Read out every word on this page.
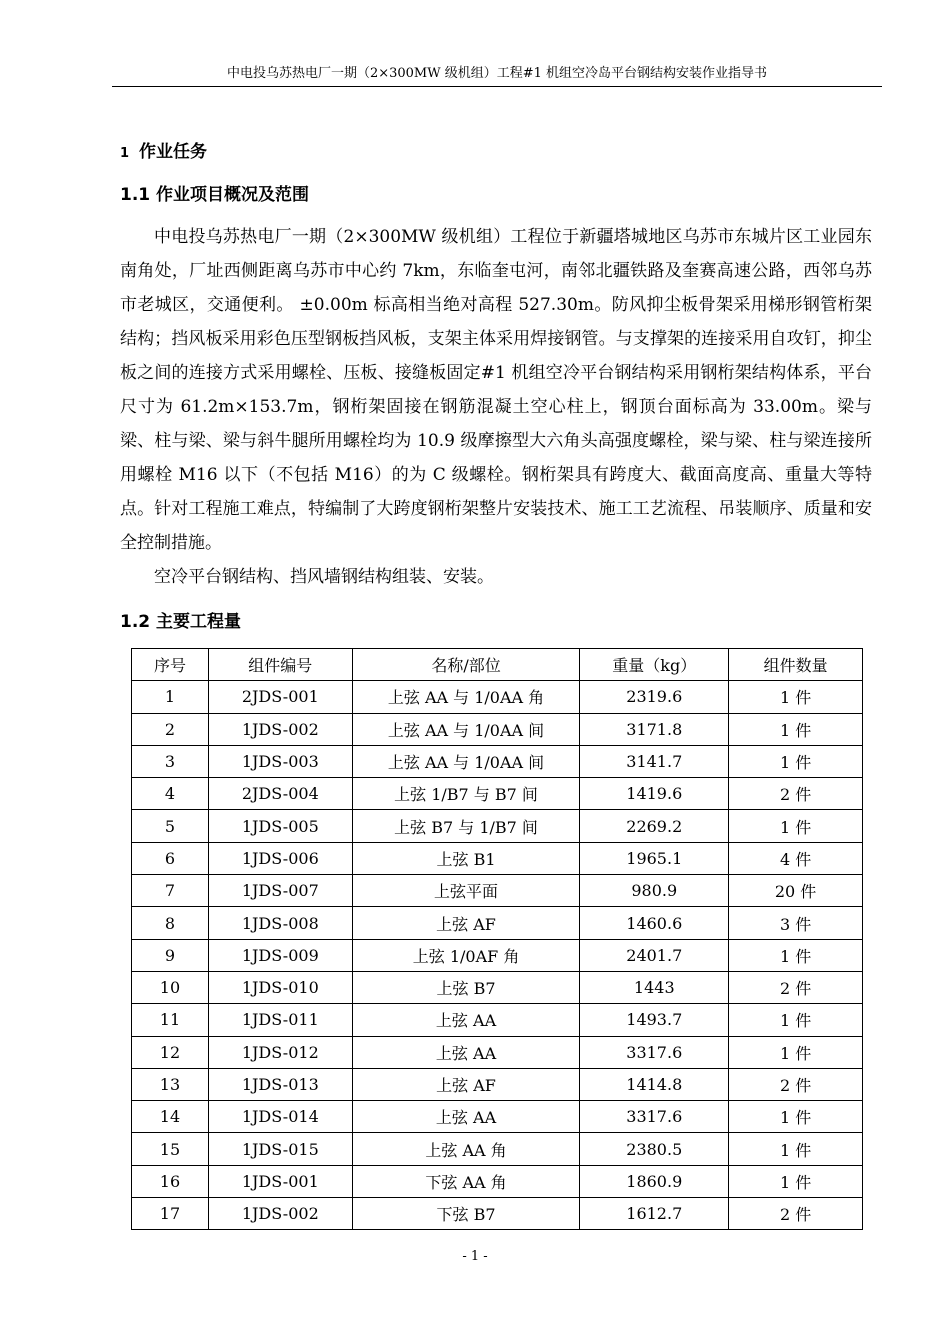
中电投乌苏热电厂一期（2×300MW 级机组）工程#1 机组空冷岛平台钢结构安装作业指导书
1 作业任务
1.1 作业项目概况及范围
中电投乌苏热电厂一期（2×300MW 级机组）工程位于新疆塔城地区乌苏市东城片区工业园东南角处，厂址西侧距离乌苏市中心约 7km，东临奎屯河，南邻北疆铁路及奎赛高速公路，西邻乌苏市老城区，交通便利。 ±0.00m 标高相当绝对高程 527.30m。防风抑尘板骨架采用梯形钢管桁架结构；挡风板采用彩色压型钢板挡风板，支架主体采用焊接钢管。与支撑架的连接采用自攻钉，抑尘板之间的连接方式采用螺栓、压板、接缝板固定#1 机组空冷平台钢结构采用钢桁架结构体系，平台尺寸为 61.2m×153.7m，钢桁架固接在钢筋混凝土空心柱上，钢顶台面标高为 33.00m。梁与梁、柱与梁、梁与斜牛腿所用螺栓均为 10.9 级摩擦型大六角头高强度螺栓，梁与梁、柱与梁连接所用螺栓 M16 以下（不包括 M16）的为 C 级螺栓。钢桁架具有跨度大、截面高度高、重量大等特点。针对工程施工难点，特编制了大跨度钢桁架整片安装技术、施工工艺流程、吊装顺序、质量和安全控制措施。
空冷平台钢结构、挡风墙钢结构组装、安装。
1.2 主要工程量
序号	组件编号	名称/部位	重量（kg）	组件数量
1	2JDS-001	上弦 AA 与 1/0AA 角	2319.6	1 件
2	1JDS-002	上弦 AA 与 1/0AA 间	3171.8	1 件
3	1JDS-003	上弦 AA 与 1/0AA 间	3141.7	1 件
4	2JDS-004	上弦 1/B7 与 B7 间	1419.6	2 件
5	1JDS-005	上弦 B7 与 1/B7 间	2269.2	1 件
6	1JDS-006	上弦 B1	1965.1	4 件
7	1JDS-007	上弦平面	980.9	20 件
8	1JDS-008	上弦 AF	1460.6	3 件
9	1JDS-009	上弦 1/0AF 角	2401.7	1 件
10	1JDS-010	上弦 B7	1443	2 件
11	1JDS-011	上弦 AA	1493.7	1 件
12	1JDS-012	上弦 AA	3317.6	1 件
13	1JDS-013	上弦 AF	1414.8	2 件
14	1JDS-014	上弦 AA	3317.6	1 件
15	1JDS-015	上弦 AA 角	2380.5	1 件
16	1JDS-001	下弦 AA 角	1860.9	1 件
17	1JDS-002	下弦 B7	1612.7	2 件
- 1 -
